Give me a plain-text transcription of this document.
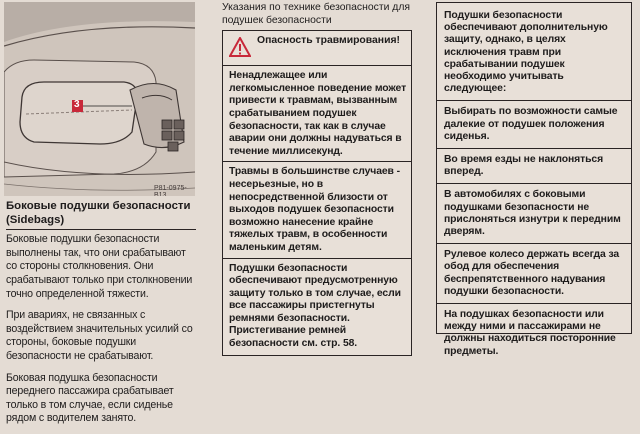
3
P81-0975-B13

Боковые подушки безопасности
(Sidebags)

Боковые подушки безопасности выполнены так, что они срабатывают со стороны столкновения. Они срабатывают только при столкновении точно определенной тяжести.

При авариях, не связанных с воздействием значительных усилий со стороны, боковые подушки безопасности не срабатывают.

Боковая подушка безопасности переднего пассажира срабатывает только в том случае, если сиденье рядом с водителем занято.

Указания по технике безопасности для подушек безопасности

Опасность травмирования!

Ненадлежащее или легкомысленное поведение может привести к травмам, вызванным срабатыванием подушек безопасности, так как в случае аварии они должны надуваться в течение миллисекунд.

Травмы в большинстве случаев - несерьезные, но в непосредственной близости от выходов подушек безопасности возможно нанесение крайне тяжелых травм, в особенности маленьким детям.

Подушки безопасности обеспечивают предусмотренную защиту только в том случае, если все пассажиры пристегнуты ремнями безопасности. Пристегивание ремней безопасности см. стр. 58.

Подушки безопасности обеспечивают дополнительную защиту, однако, в целях исключения травм при срабатывании подушек необходимо учитывать следующее:

Выбирать по возможности самые далекие от подушек положения сиденья.

Во время езды не наклоняться вперед.

В автомобилях с боковыми подушками безопасности не прислоняться изнутри к передним дверям.

Рулевое колесо держать всегда за обод для обеспечения беспрепятственного надувания подушки безопасности.

На подушках безопасности или между ними и пассажирами не должны находиться посторонние предметы.
